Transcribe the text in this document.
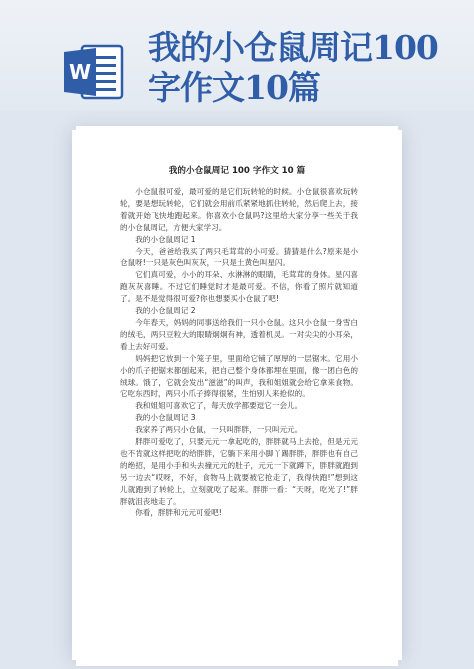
W
我的小仓鼠周记100字作文10篇
我的小仓鼠周记 100 字作文 10 篇

小仓鼠很可爱，最可爱的是它们玩转轮的时候。小仓鼠很喜欢玩转轮，要是想玩转轮，它们就会用前爪紧紧地抓住转轮，然后爬上去，接着就开始飞快地跑起来。你喜欢小仓鼠吗?这里给大家分享一些关于我的小仓鼠周记，方便大家学习。

我的小仓鼠周记 1

今天，爸爸给我买了两只毛茸茸的小可爱。猜猜是什么?原来是小仓鼠呀!一只是灰色叫灰灰，一只是土黄色叫星闪。

它们真可爱，小小的耳朵、水淋淋的眼睛，毛茸茸的身体。星闪喜跑灰灰喜睡。不过它们睡觉时才是最可爱。不信，你看了照片就知道了。是不是觉得很可爱?你也想要买小仓鼠了吧!

我的小仓鼠周记 2

今年春天，妈妈的同事送给我们一只小仓鼠。这只小仓鼠一身雪白的绒毛，两只豆粒大的眼睛炯炯有神，透着机灵。一对尖尖的小耳朵，看上去好可爱。

妈妈把它放到一个笼子里，里面给它铺了厚厚的一层锯末。它用小小的爪子把锯末都刨起来，把自己整个身体都埋在里面，像一团白色的绒球。饿了，它就会发出“滋滋”的叫声，我和姐姐就会给它拿来食物。它吃东西时，两只小爪子捧得很紧，生怕别人来抢似的。

我和姐姐可喜欢它了，每天放学都要逗它一会儿。

我的小仓鼠周记 3

我家养了两只小仓鼠，一只叫胖胖，一只叫元元。

胖胖可爱吃了，只要元元一拿起吃的，胖胖就马上去抢，但是元元也不肯就这样把吃的给胖胖，它躺下来用小脚丫踢胖胖，胖胖也有自己的绝招，是用小手和头去撞元元的肚子，元元一下就蹲下，胖胖就跑到另一边去“哎呀，不好，食物马上就要被它抢走了，我得快跑!”想到这儿就跑到了转轮上，立刻就吃了起来。胖胖一看：“天呀，吃光了!”胖胖就沮丧地走了。

你看，胖胖和元元可爱吧!
